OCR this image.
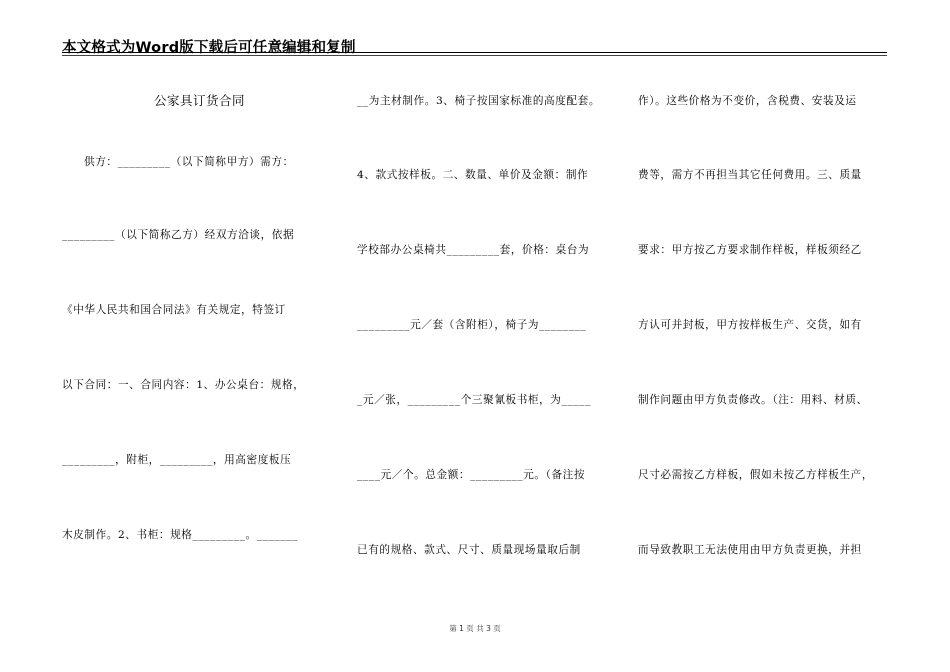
本文格式为Word版下载后可任意编辑和复制
公家具订货合同
供方：_________（以下简称甲方）需方：
_________（以下简称乙方）经双方洽谈，依据
《中华人民共和国合同法》有关规定，特签订
以下合同：一、合同内容：1、办公桌台：规格，
_________，附柜，_________，用高密度板压
木皮制作。2、书柜：规格_________。_______
__为主材制作。3、椅子按国家标准的高度配套。
4、款式按样板。二、数量、单价及金额：制作
学校部办公桌椅共_________套，价格：桌台为
_________元／套（含附柜），椅子为________
_元／张，_________个三聚氰板书柜，为_____
____元／个。总金额：_________元。（备注按
已有的规格、款式、尺寸、质量现场量取后制
作）。这些价格为不变价，含税费、安装及运
费等，需方不再担当其它任何费用。三、质量
要求：甲方按乙方要求制作样板，样板须经乙
方认可并封板，甲方按样板生产、交货，如有
制作问题由甲方负责修改。（注：用料、材质、
尺寸必需按乙方样板，假如未按乙方样板生产，
而导致教职工无法使用由甲方负责更换，并担
第 1 页 共 3 页
